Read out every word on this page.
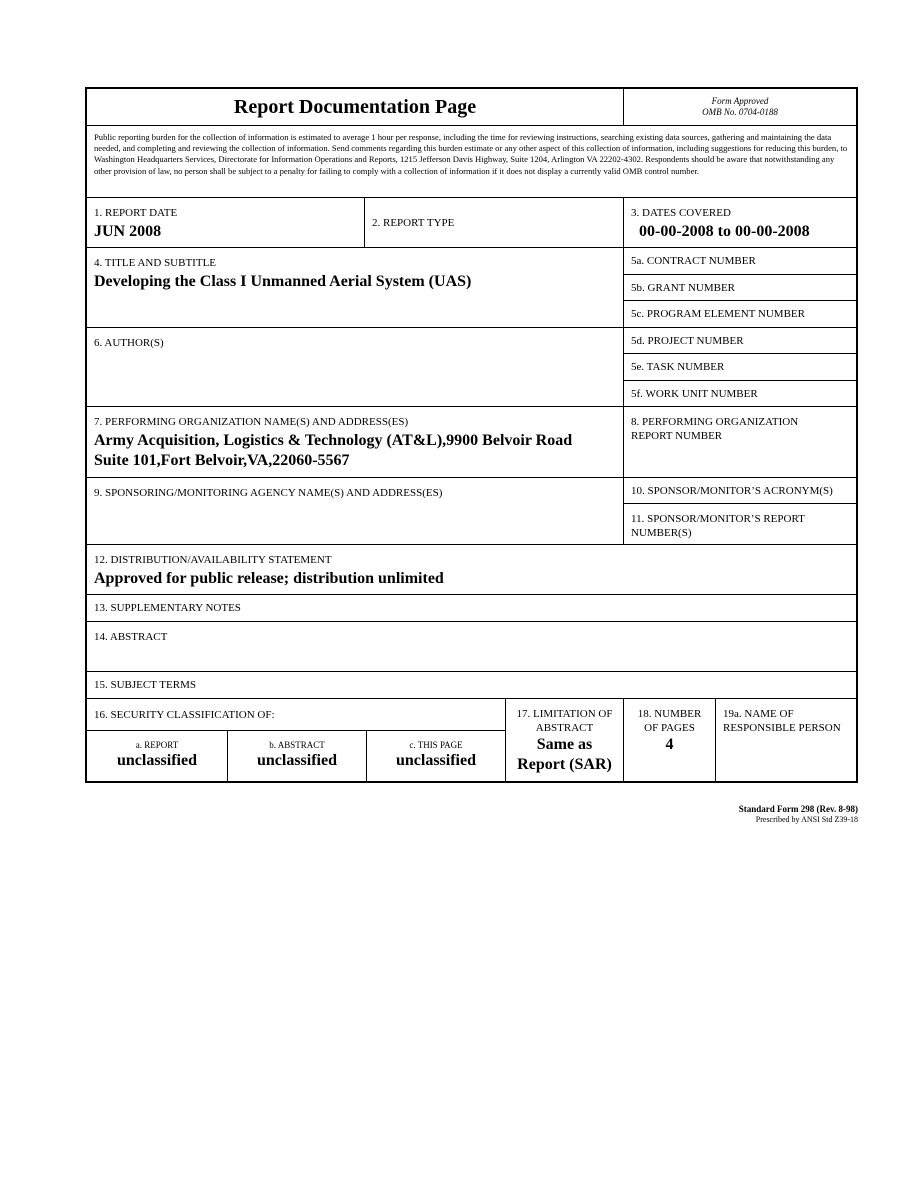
Report Documentation Page	Form Approved
OMB No. 0704-0188
Public reporting burden for the collection of information is estimated to average 1 hour per response, including the time for reviewing instructions, searching existing data sources, gathering and maintaining the data needed, and completing and reviewing the collection of information. Send comments regarding this burden estimate or any other aspect of this collection of information, including suggestions for reducing this burden, to Washington Headquarters Services, Directorate for Information Operations and Reports, 1215 Jefferson Davis Highway, Suite 1204, Arlington VA 22202-4302. Respondents should be aware that notwithstanding any other provision of law, no person shall be subject to a penalty for failing to comply with a collection of information if it does not display a currently valid OMB control number.
1. REPORT DATE
JUN 2008
2. REPORT TYPE
3. DATES COVERED
00-00-2008 to 00-00-2008
4. TITLE AND SUBTITLE
Developing the Class I Unmanned Aerial System (UAS)
5a. CONTRACT NUMBER
5b. GRANT NUMBER
5c. PROGRAM ELEMENT NUMBER
6. AUTHOR(S)	5d. PROJECT NUMBER
5e. TASK NUMBER
5f. WORK UNIT NUMBER
7. PERFORMING ORGANIZATION NAME(S) AND ADDRESS(ES)
Army Acquisition, Logistics & Technology (AT&L),9900 Belvoir Road
Suite 101,Fort Belvoir,VA,22060-5567
8. PERFORMING ORGANIZATION
REPORT NUMBER
9. SPONSORING/MONITORING AGENCY NAME(S) AND ADDRESS(ES)	10. SPONSOR/MONITOR’S ACRONYM(S)
11. SPONSOR/MONITOR’S REPORT
NUMBER(S)
12. DISTRIBUTION/AVAILABILITY STATEMENT
Approved for public release; distribution unlimited
13. SUPPLEMENTARY NOTES
14. ABSTRACT
15. SUBJECT TERMS
16. SECURITY CLASSIFICATION OF:
a. REPORT
unclassified
b. ABSTRACT
unclassified
c. THIS PAGE
unclassified
17. LIMITATION OF
ABSTRACT
Same as
Report (SAR)
18. NUMBER
OF PAGES
4
19a. NAME OF
RESPONSIBLE PERSON
Standard Form 298 (Rev. 8-98)
Prescribed by ANSI Std Z39-18
